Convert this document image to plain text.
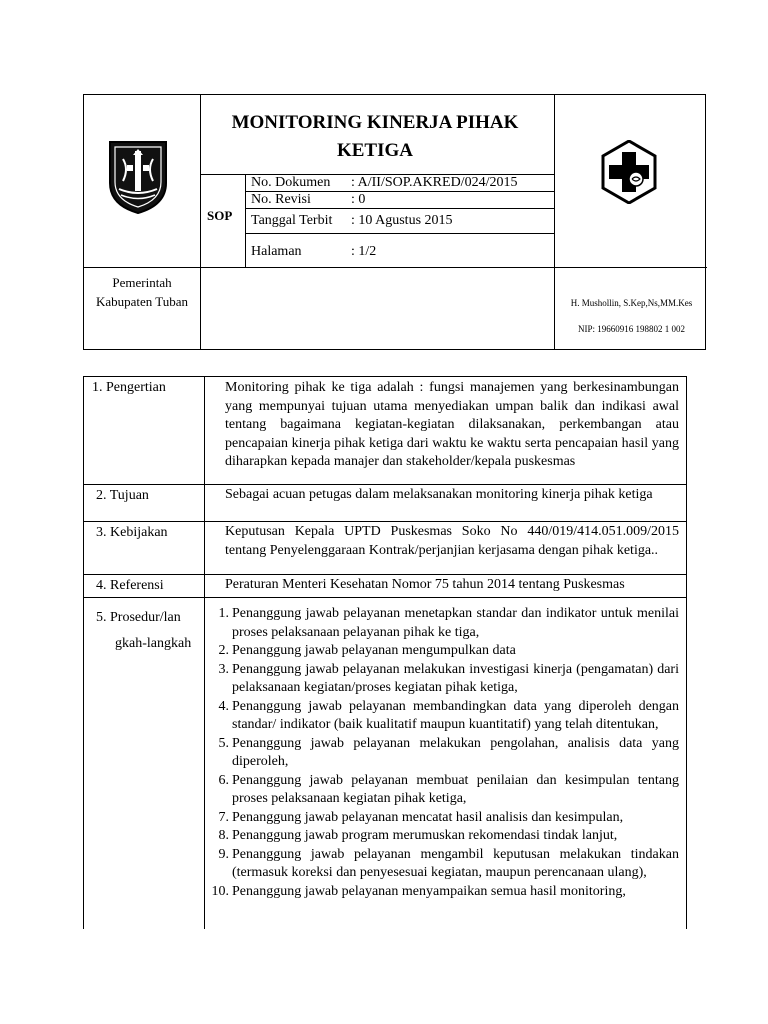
MONITORING KINERJA PIHAK
KETIGA
SOP
No. Dokumen : A/II/SOP.AKRED/024/2015
No. Revisi	: 0
Tanggal Terbit : 10 Agustus 2015
Halaman	: 1/2
Pemerintah
Kabupaten Tuban	H. Mushollin, S.Kep,Ns,MM.Kes
NIP: 19660916 198802 1 002
1. Pengertian	Monitoring pihak ke tiga adalah : fungsi manajemen yang berkesinambungan yang mempunyai tujuan utama menyediakan umpan balik dan indikasi awal tentang bagaimana kegiatan-kegiatan dilaksanakan, perkembangan atau pencapaian kinerja pihak ketiga dari waktu ke waktu serta pencapaian hasil yang diharapkan kepada manajer dan stakeholder/kepala puskesmas
2. Tujuan	Sebagai acuan petugas dalam melaksanakan monitoring kinerja pihak ketiga
3. Kebijakan	Keputusan Kepala UPTD Puskesmas Soko No 440/019/414.051.009/2015 tentang Penyelenggaraan Kontrak/perjanjian kerjasama dengan pihak ketiga..
4. Referensi	Peraturan Menteri Kesehatan Nomor 75 tahun 2014 tentang Puskesmas
5. Prosedur/lan
gkah-langkah
1. Penanggung jawab pelayanan menetapkan standar dan indikator untuk menilai proses pelaksanaan pelayanan pihak ke tiga,
2. Penanggung jawab pelayanan mengumpulkan data
3. Penanggung jawab pelayanan melakukan investigasi kinerja (pengamatan) dari pelaksanaan kegiatan/proses kegiatan pihak ketiga,
4. Penanggung jawab pelayanan membandingkan data yang diperoleh dengan standar/ indikator (baik kualitatif maupun kuantitatif) yang telah ditentukan,
5. Penanggung jawab pelayanan melakukan pengolahan, analisis data yang diperoleh,
6. Penanggung jawab pelayanan membuat penilaian dan kesimpulan tentang proses pelaksanaan kegiatan pihak ketiga,
7. Penanggung jawab pelayanan mencatat hasil analisis dan kesimpulan,
8. Penanggung jawab program merumuskan rekomendasi tindak lanjut,
9. Penanggung jawab pelayanan mengambil keputusan melakukan tindakan (termasuk koreksi dan penyesesuai kegiatan, maupun perencanaan ulang),
10. Penanggung jawab pelayanan menyampaikan semua hasil monitoring,
